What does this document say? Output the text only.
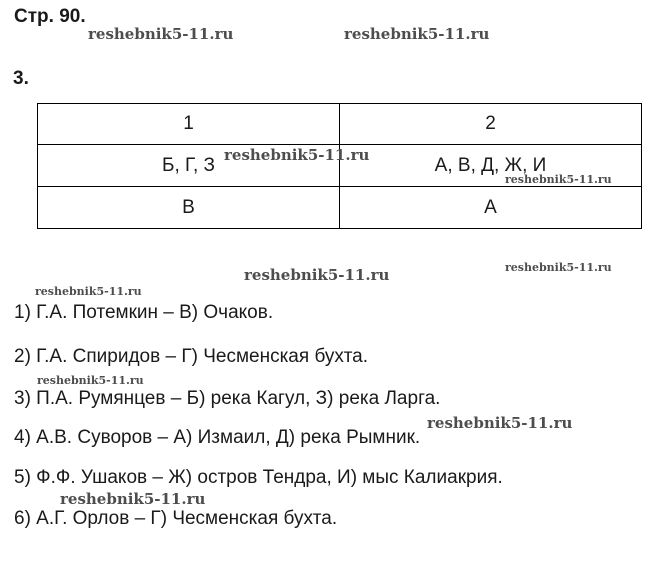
Стр. 90.
3.
1	2
Б, Г, З	А, В, Д, Ж, И
В	А
1) Г.А. Потемкин – В) Очаков.
2) Г.А. Спиридов – Г) Чесменская бухта.
3) П.А. Румянцев – Б) река Кагул, З) река Ларга.
4) А.В. Суворов – А) Измаил, Д) река Рымник.
5) Ф.Ф. Ушаков – Ж) остров Тендра, И) мыс Калиакрия.
6) А.Г. Орлов – Г) Чесменская бухта.
reshebnik5-11.ru	reshebnik5-11.ru
reshebnik5-11.ru
reshebnik5-11.ru
reshebnik5-11.ru	reshebnik5-11.ru
reshebnik5-11.ru
reshebnik5-11.ru
reshebnik5-11.ru
reshebnik5-11.ru
